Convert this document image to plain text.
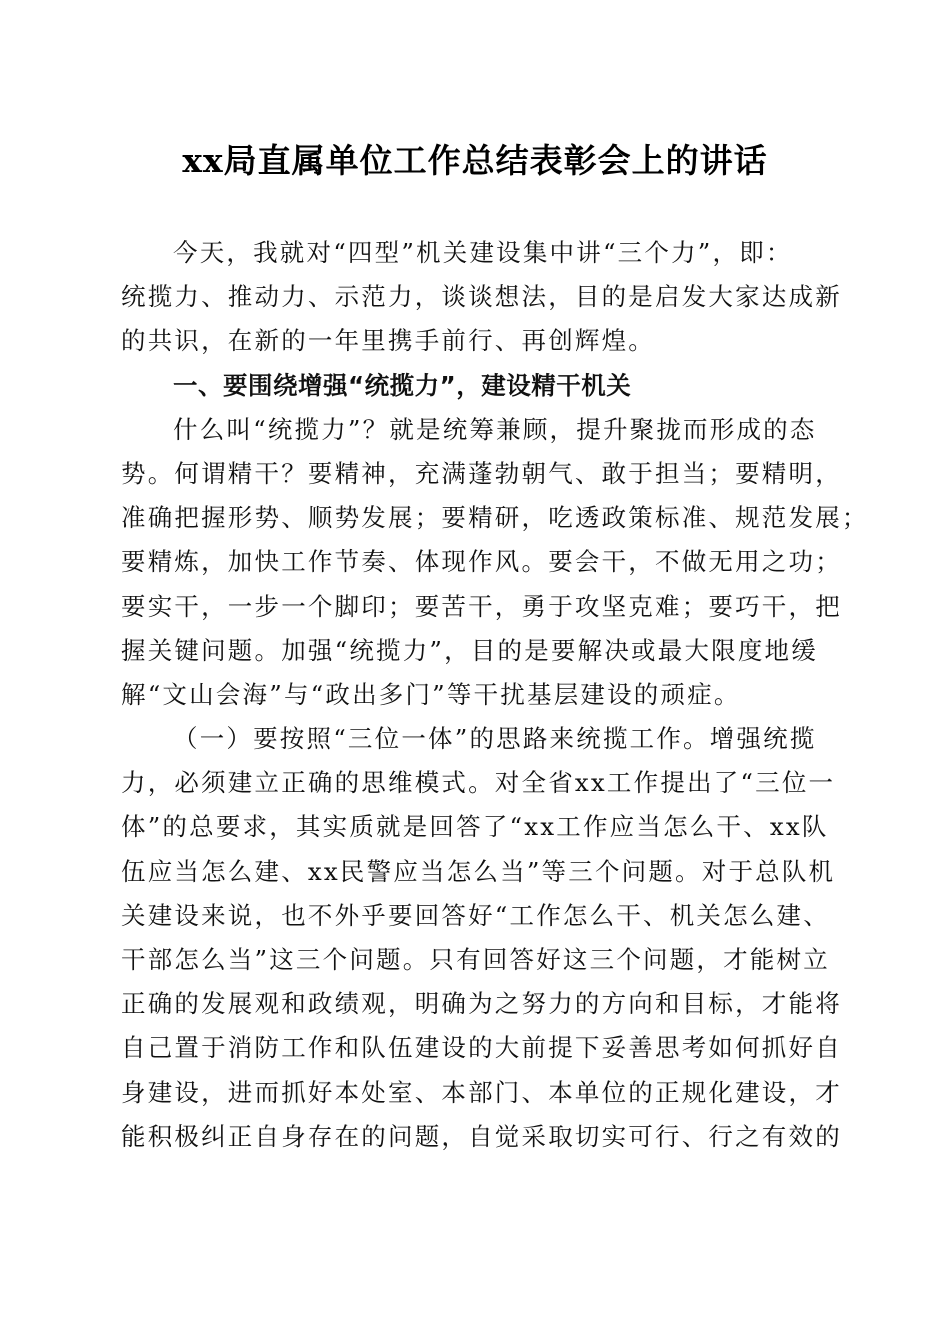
xx局直属单位工作总结表彰会上的讲话
今天，我就对“四型”机关建设集中讲“三个力”，即：
统揽力、推动力、示范力，谈谈想法，目的是启发大家达成新
的共识，在新的一年里携手前行、再创辉煌。
一、要围绕增强“统揽力”，建设精干机关
什么叫“统揽力”？就是统筹兼顾，提升聚拢而形成的态
势。何谓精干？要精神，充满蓬勃朝气、敢于担当；要精明，
准确把握形势、顺势发展；要精研，吃透政策标准、规范发展；
要精炼，加快工作节奏、体现作风。要会干，不做无用之功；
要实干，一步一个脚印；要苦干，勇于攻坚克难；要巧干，把
握关键问题。加强“统揽力”，目的是要解决或最大限度地缓
解“文山会海”与“政出多门”等干扰基层建设的顽症。
（一）要按照“三位一体”的思路来统揽工作。增强统揽
力，必须建立正确的思维模式。对全省xx工作提出了“三位一
体”的总要求，其实质就是回答了“xx工作应当怎么干、xx队
伍应当怎么建、xx民警应当怎么当”等三个问题。对于总队机
关建设来说，也不外乎要回答好“工作怎么干、机关怎么建、
干部怎么当”这三个问题。只有回答好这三个问题，才能树立
正确的发展观和政绩观，明确为之努力的方向和目标，才能将
自己置于消防工作和队伍建设的大前提下妥善思考如何抓好自
身建设，进而抓好本处室、本部门、本单位的正规化建设，才
能积极纠正自身存在的问题，自觉采取切实可行、行之有效的
